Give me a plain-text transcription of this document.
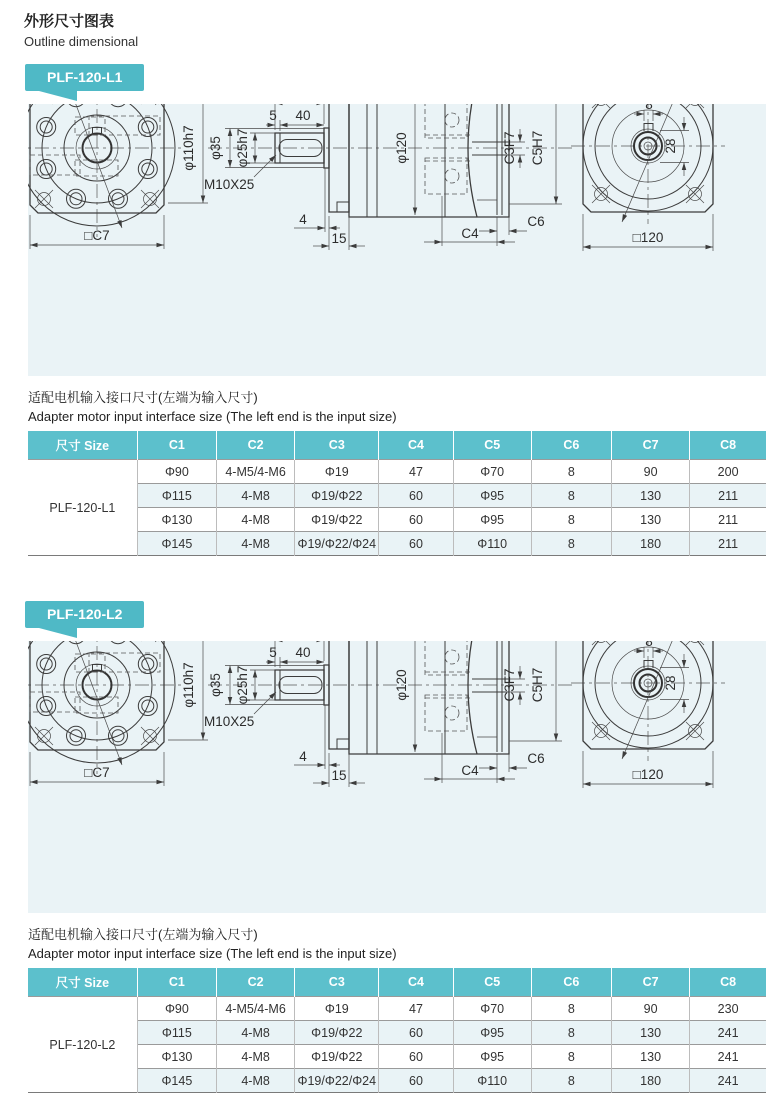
外形尺寸图表
Outline dimensional
PLF-120-L1
适配电机输入接口尺寸(左端为输入尺寸)
Adapter motor input interface size (The left end is the input size)
尺寸 Size	C1	C2	C3	C4	C5	C6	C7	C8
PLF-120-L1	Φ90	4-M5/4-M6	Φ19	47	Φ70	8	90	200
	Φ115	4-M8	Φ19/Φ22	60	Φ95	8	130	211
	Φ130	4-M8	Φ19/Φ22	60	Φ95	8	130	211
	Φ145	4-M8	Φ19/Φ22/Φ24	60	Φ110	8	180	211
PLF-120-L2
适配电机输入接口尺寸(左端为输入尺寸)
Adapter motor input interface size (The left end is the input size)
尺寸 Size	C1	C2	C3	C4	C5	C6	C7	C8
PLF-120-L2	Φ90	4-M5/4-M6	Φ19	47	Φ70	8	90	230
	Φ115	4-M8	Φ19/Φ22	60	Φ95	8	130	241
	Φ130	4-M8	Φ19/Φ22	60	Φ95	8	130	241
	Φ145	4-M8	Φ19/Φ22/Φ24	60	Φ110	8	180	241
